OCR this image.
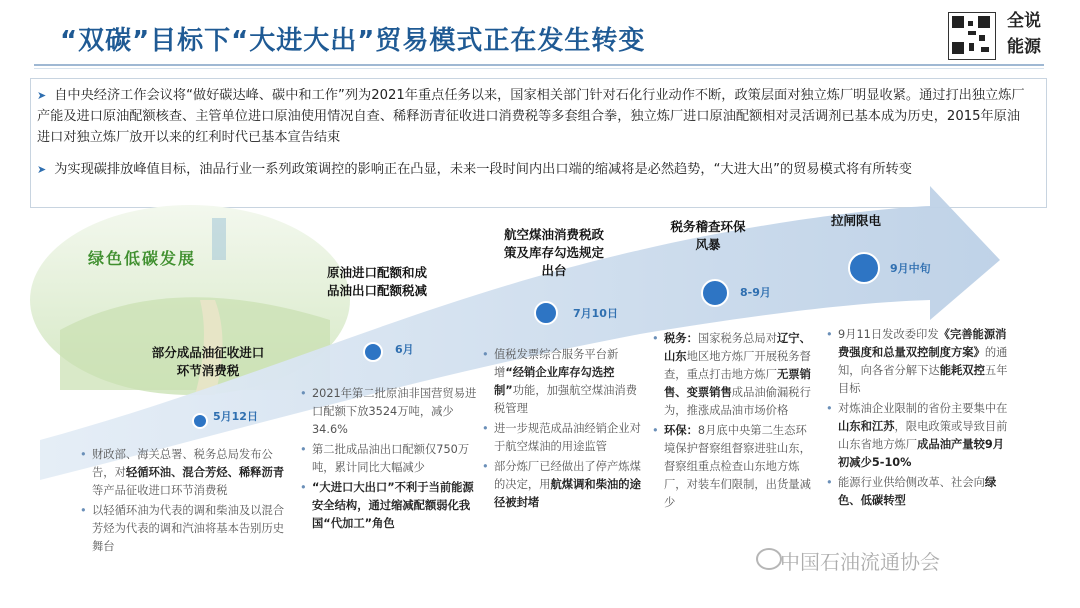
“双碳”目标下“大进大出”贸易模式正在发生转变
全说能源
➤ 自中央经济工作会议将“做好碳达峰、碳中和工作”列为2021年重点任务以来，国家相关部门针对石化行业动作不断，政策层面对独立炼厂明显收紧。通过打出独立炼厂产能及进口原油配额核查、主管单位进口原油使用情况自查、稀释沥青征收进口消费税等多套组合拳，独立炼厂进口原油配额相对灵活调剂已基本成为历史，2015年原油进口对独立炼厂放开以来的红利时代已基本宣告结束
➤ 为实现碳排放峰值目标，油品行业一系列政策调控的影响正在凸显，未来一段时间内出口端的缩减将是必然趋势，“大进大出”的贸易模式将有所转变
绿色低碳发展
部分成品油征收进口环节消费税
5月12日
原油进口配额和成品油出口配额税减
6月
航空煤油消费税政策及库存勾选规定出台
7月10日
税务稽查环保风暴
8-9月
拉闸限电
9月中旬
• 财政部、海关总署、税务总局发布公告，对轻循环油、混合芳烃、稀释沥青等产品征收进口环节消费税
• 以轻循环油为代表的调和柴油及以混合芳烃为代表的调和汽油将基本告别历史舞台
• 2021年第二批原油非国营贸易进口配额下放3524万吨，减少34.6%
• 第二批成品油出口配额仅750万吨，累计同比大幅减少
• “大进口大出口”不利于当前能源安全结构，通过缩减配额弱化我国“代加工”角色
• 值税发票综合服务平台新增“经销企业库存勾选控制”功能，加强航空煤油消费税管理
• 进一步规范成品油经销企业对于航空煤油的用途监管
• 部分炼厂已经做出了停产炼煤的决定，用航煤调和柴油的途径被封堵
• 税务：国家税务总局对辽宁、山东地区地方炼厂开展税务督查，重点打击地方炼厂无票销售、变票销售成品油偷漏税行为，推涨成品油市场价格
• 环保：8月底中央第二生态环境保护督察组督察进驻山东，督察组重点检查山东地方炼厂，对装车们限制，出货量减少
• 9月11日发改委印发《完善能源消费强度和总量双控制度方案》的通知，向各省分解下达能耗双控五年目标
• 对炼油企业限制的省份主要集中在山东和江苏，限电政策或导致目前山东省地方炼厂成品油产量较9月初减少5-10%
• 能源行业供给侧改革、社会向绿色、低碳转型
中国石油流通协会
